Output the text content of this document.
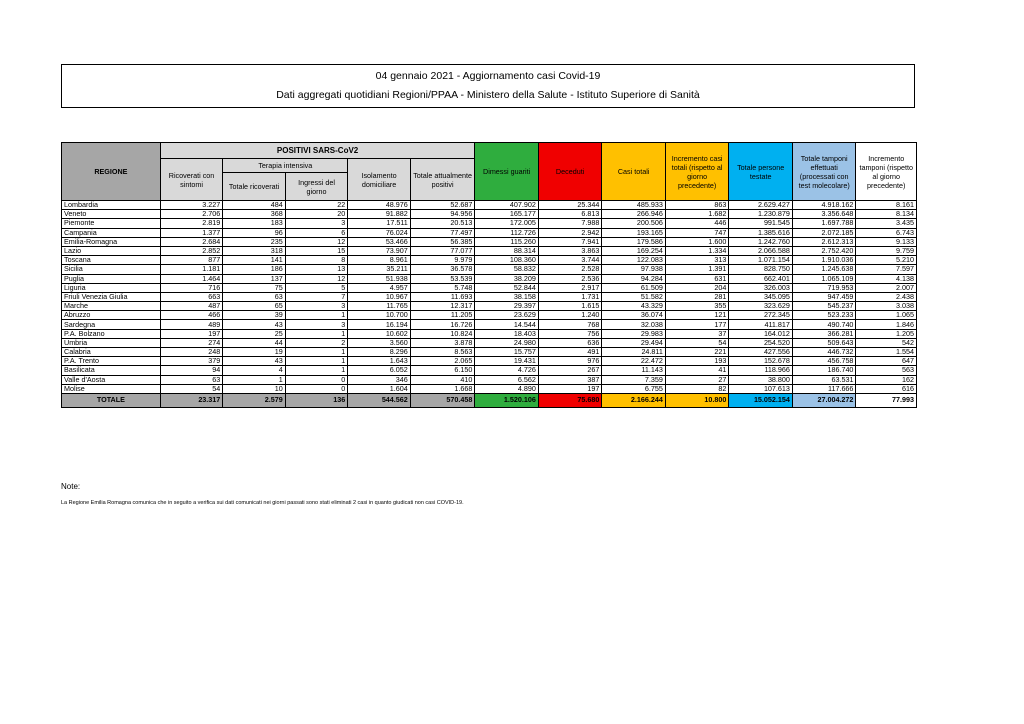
04 gennaio 2021 - Aggiornamento casi Covid-19
Dati aggregati quotidiani Regioni/PPAA - Ministero della Salute - Istituto Superiore di Sanità
REGIONE	POSITIVI SARS-CoV2					Dimessi guariti	Deceduti	Casi totali	Incremento casi totali (rispetto al giorno precedente)	Totale persone testate	Totale tamponi effettuati (processati con test molecolare)	Incremento tamponi (rispetto al giorno precedente)
	Ricoverati con sintomi	Terapia intensiva		Isolamento domiciliare	Totale attualmente positivi							
		Totale ricoverati	Ingressi del giorno									
Lombardia	3.227	484	22	48.976	52.687	407.902	25.344	485.933	863	2.629.427	4.918.162	8.161
Veneto	2.706	368	20	91.882	94.956	165.177	6.813	266.946	1.682	1.230.879	3.356.648	8.134
Piemonte	2.819	183	3	17.511	20.513	172.005	7.988	200.506	446	991.545	1.697.788	3.435
Campania	1.377	96	6	76.024	77.497	112.726	2.942	193.165	747	1.385.616	2.072.185	6.743
Emilia-Romagna	2.684	235	12	53.466	56.385	115.260	7.941	179.586	1.600	1.242.760	2.612.313	9.133
Lazio	2.852	318	15	73.907	77.077	88.314	3.863	169.254	1.334	2.066.588	2.752.420	9.759
Toscana	877	141	8	8.961	9.979	108.360	3.744	122.083	313	1.071.154	1.910.036	5.210
Sicilia	1.181	186	13	35.211	36.578	58.832	2.528	97.938	1.391	828.750	1.245.638	7.597
Puglia	1.464	137	12	51.938	53.539	38.209	2.536	94.284	631	662.401	1.065.109	4.138
Liguria	716	75	5	4.957	5.748	52.844	2.917	61.509	204	326.003	719.953	2.007
Friuli Venezia Giulia	663	63	7	10.967	11.693	38.158	1.731	51.582	281	345.095	947.459	2.438
Marche	487	65	3	11.765	12.317	29.397	1.615	43.329	355	323.629	545.237	3.038
Abruzzo	466	39	1	10.700	11.205	23.629	1.240	36.074	121	272.345	523.233	1.065
Sardegna	489	43	3	16.194	16.726	14.544	768	32.038	177	411.817	490.740	1.846
P.A. Bolzano	197	25	1	10.602	10.824	18.403	756	29.983	37	164.012	366.281	1.205
Umbria	274	44	2	3.560	3.878	24.980	636	29.494	54	254.520	509.643	542
Calabria	248	19	1	8.296	8.563	15.757	491	24.811	221	427.556	446.732	1.554
P.A. Trento	379	43	1	1.643	2.065	19.431	976	22.472	193	152.678	456.758	647
Basilicata	94	4	1	6.052	6.150	4.726	267	11.143	41	118.966	186.740	563
Valle d'Aosta	63	1	0	346	410	6.562	387	7.359	27	38.800	63.531	162
Molise	54	10	0	1.604	1.668	4.890	197	6.755	82	107.613	117.666	616
TOTALE	23.317	2.579	136	544.562	570.458	1.520.106	75.680	2.166.244	10.800	15.052.154	27.004.272	77.993
Note:
La Regione Emilia Romagna comunica che in seguito a verifica sui dati comunicati nei giorni passati sono stati eliminati 2 casi in quanto giudicati non casi COVID-19.
